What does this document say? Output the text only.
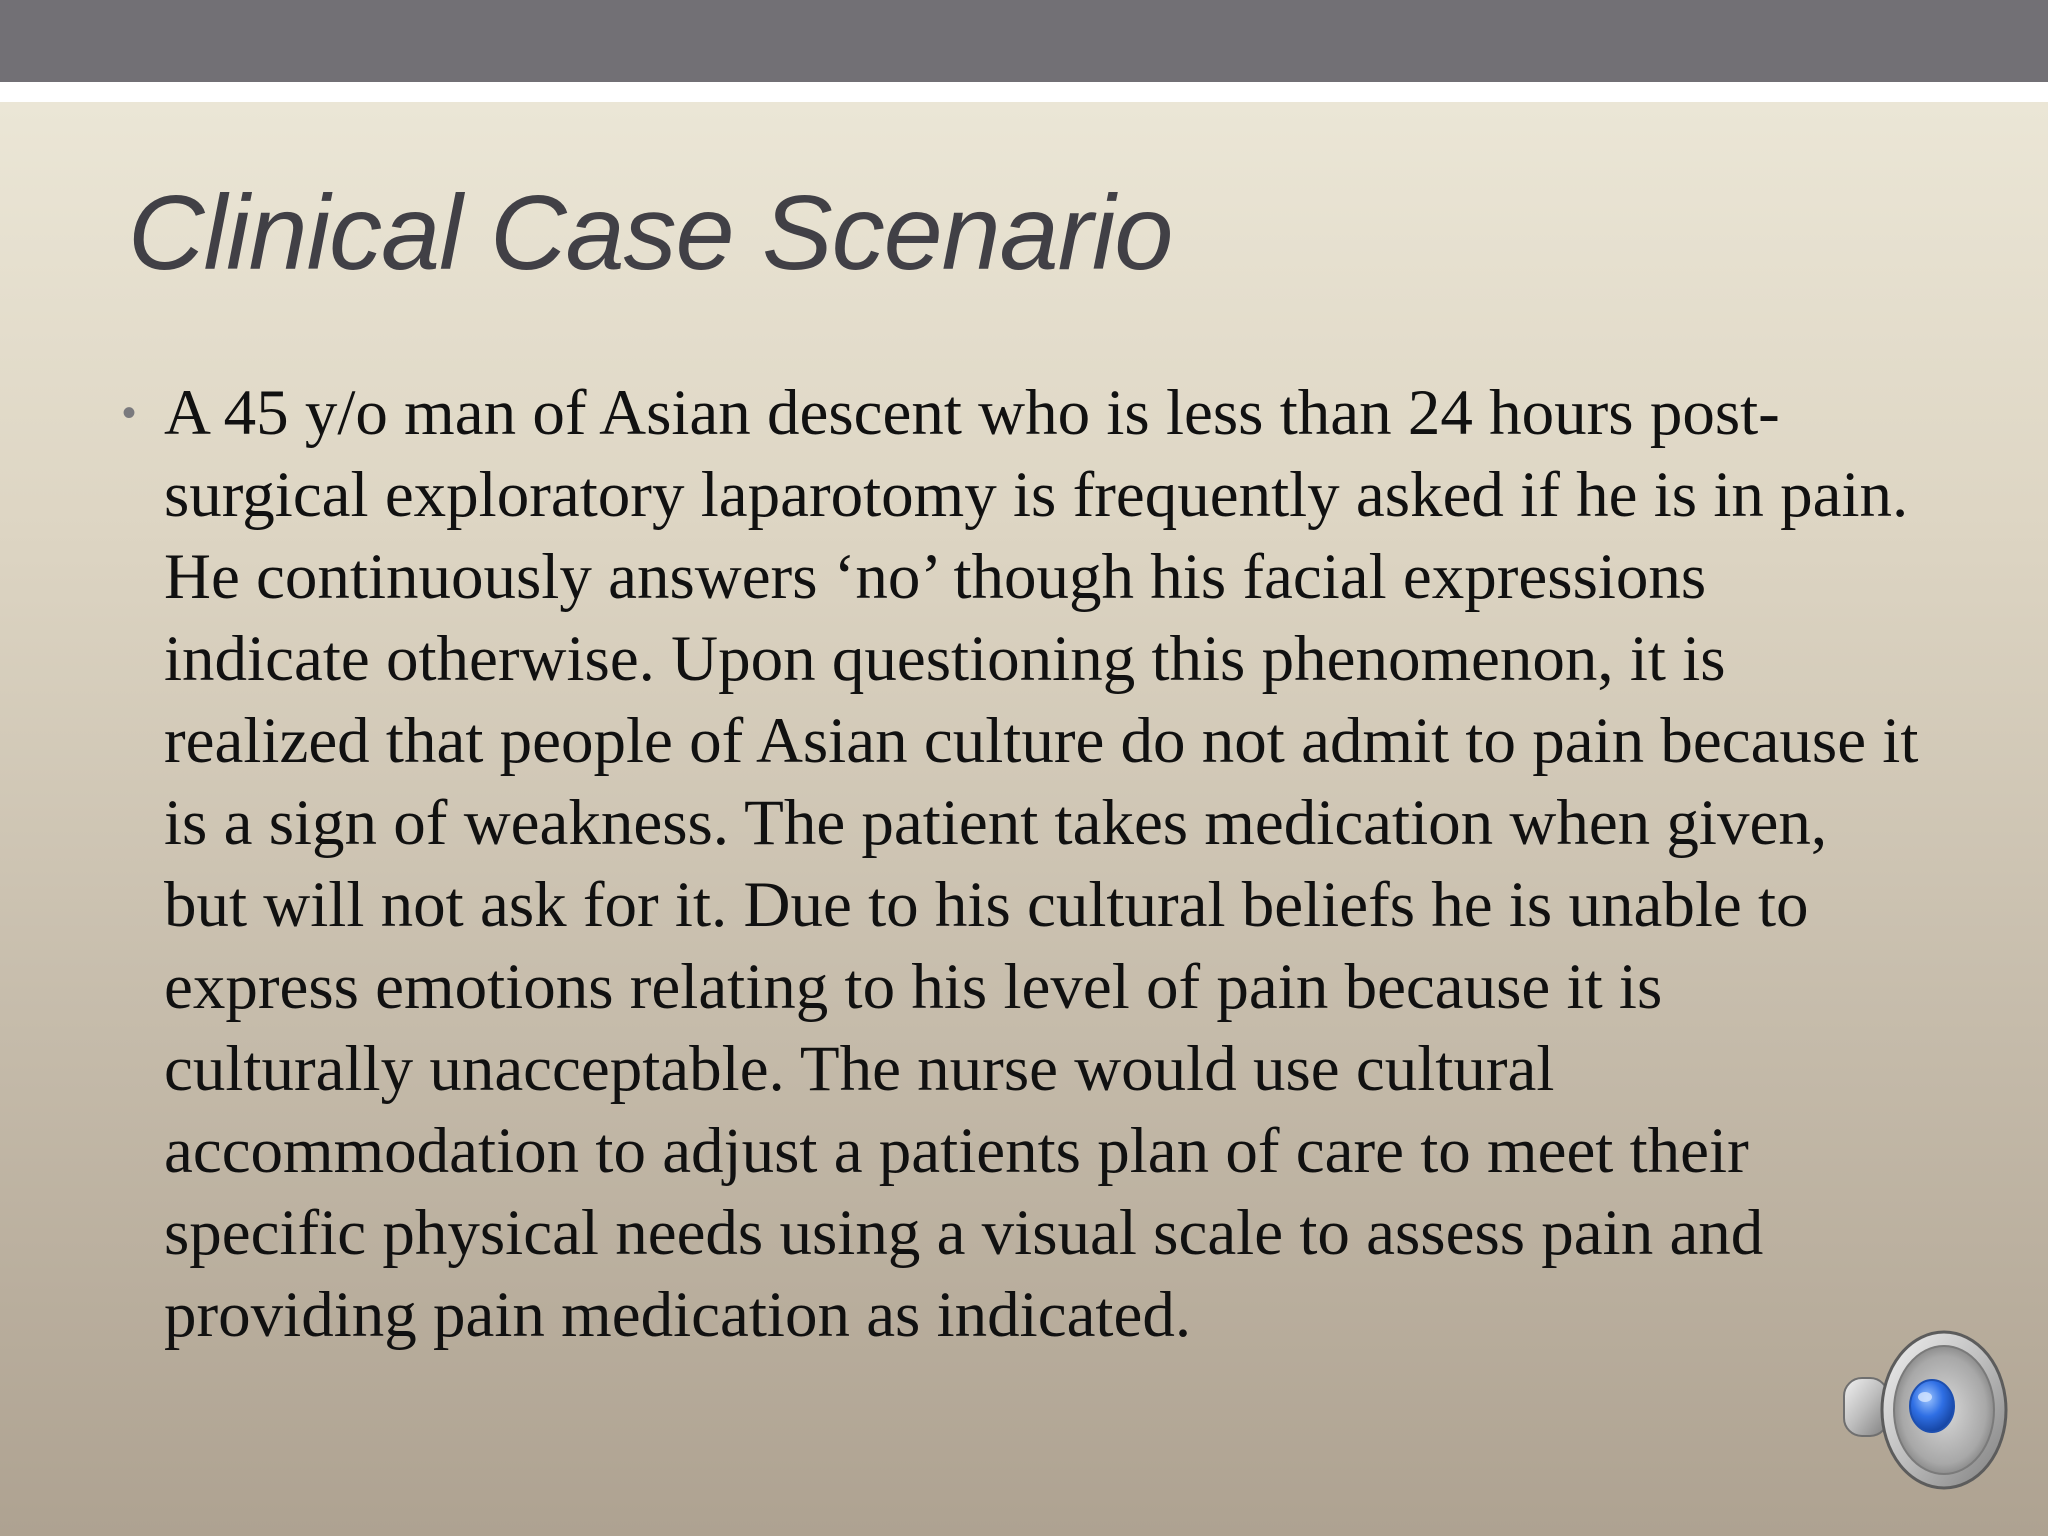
Clinical Case Scenario
• A 45 y/o man of Asian descent who is less than 24 hours post-surgical exploratory laparotomy is frequently asked if he is in pain. He continuously answers ‘no’ though his facial expressions indicate otherwise. Upon questioning this phenomenon, it is realized that people of Asian culture do not admit to pain because it is a sign of weakness. The patient takes medication when given, but will not ask for it. Due to his cultural beliefs he is unable to express emotions relating to his level of pain because it is culturally unacceptable. The nurse would use cultural accommodation to adjust a patients plan of care to meet their specific physical needs using a visual scale to assess pain and providing pain medication as indicated.
